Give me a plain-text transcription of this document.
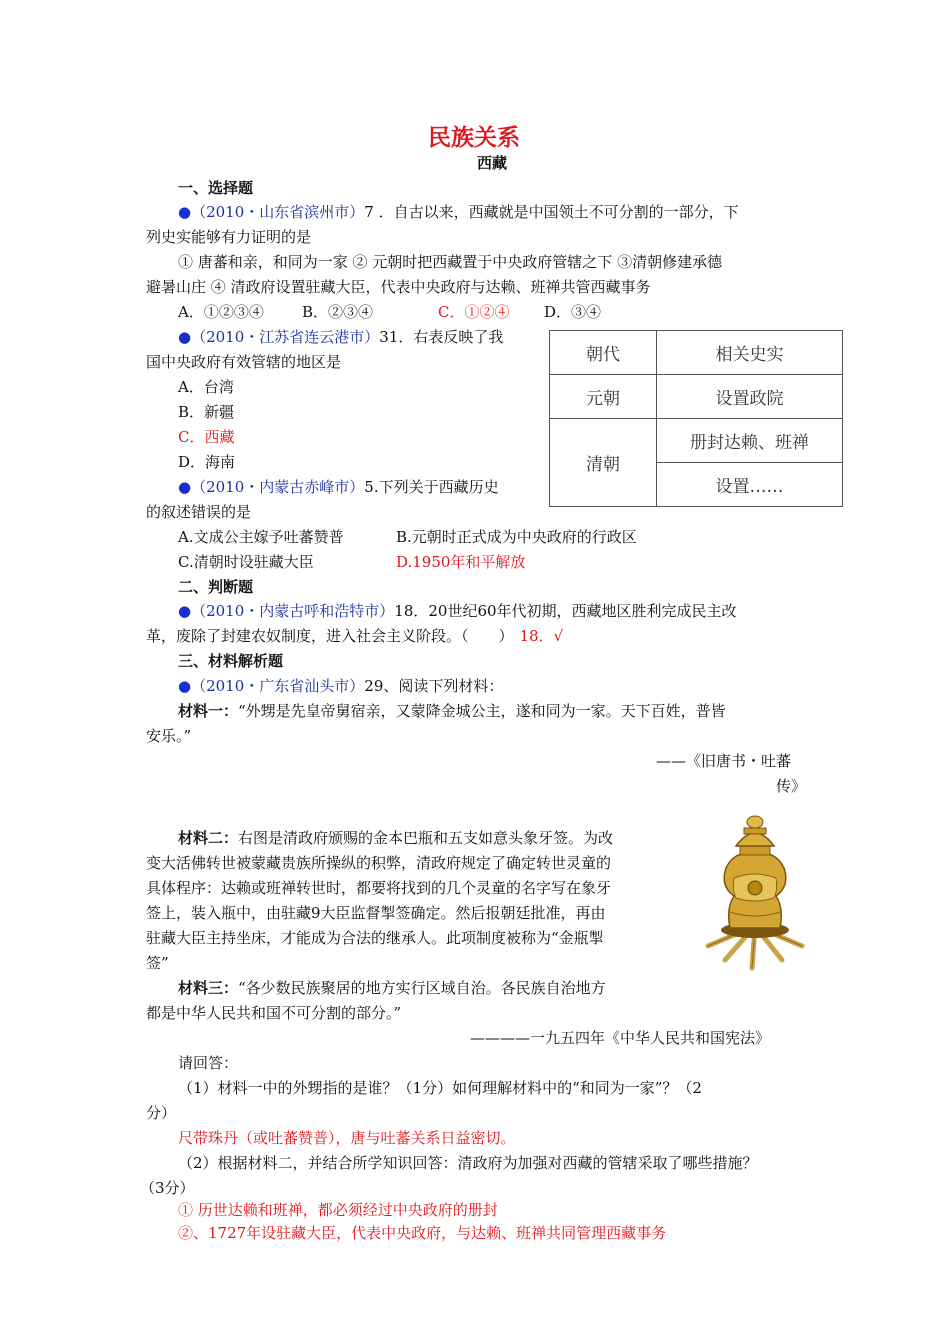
民族关系
西藏
一、选择题
●（2010・山东省滨州市）7 ．自古以来，西藏就是中国领土不可分割的一部分，下
列史实能够有力证明的是
① 唐蕃和亲，和同为一家 ② 元朝时把西藏置于中央政府管辖之下 ③清朝修建承德
避暑山庄 ④ 清政府设置驻藏大臣，代表中央政府与达赖、班禅共管西藏事务
A．①②③④	B．②③④	C．①②④ D．③④
●（2010・江苏省连云港市）31．右表反映了我
国中央政府有效管辖的地区是
A．台湾
B．新疆
C．西藏
D．海南
朝代	相关史实
元朝	设置政院
清朝	册封达赖、班禅
	设置……
●（2010・内蒙古赤峰市）5.下列关于西藏历史
的叙述错误的是
A.文成公主嫁予吐蕃赞普	B.元朝时正式成为中央政府的行政区
C.清朝时设驻藏大臣	D.1950年和平解放
二、判断题
●（2010・内蒙古呼和浩特市）18．20世纪60年代初期，西藏地区胜利完成民主改
革，废除了封建农奴制度，进入社会主义阶段。（　　） 18．√
三、材料解析题
●（2010・广东省汕头市）29、阅读下列材料：
材料一：“外甥是先皇帝舅宿亲，又蒙降金城公主，遂和同为一家。天下百姓，普皆
安乐。”
——《旧唐书・吐蕃
传》
材料二：右图是清政府颁赐的金本巴瓶和五支如意头象牙签。为改
变大活佛转世被蒙藏贵族所操纵的积弊，清政府规定了确定转世灵童的
具体程序：达赖或班禅转世时，都要将找到的几个灵童的名字写在象牙
签上，装入瓶中，由驻藏9大臣监督掣签确定。然后报朝廷批准，再由
驻藏大臣主持坐床，才能成为合法的继承人。此项制度被称为“金瓶掣
签”
材料三：“各少数民族聚居的地方实行区域自治。各民族自治地方
都是中华人民共和国不可分割的部分。”
————一九五四年《中华人民共和国宪法》
请回答：
（1）材料一中的外甥指的是谁？（1分）如何理解材料中的“和同为一家”？（2
分）
尺带珠丹（或吐蕃赞普），唐与吐蕃关系日益密切。
（2）根据材料二，并结合所学知识回答：清政府为加强对西藏的管辖采取了哪些措施？
（3分）
① 历世达赖和班禅，都必须经过中央政府的册封
②、1727年设驻藏大臣，代表中央政府，与达赖、班禅共同管理西藏事务
